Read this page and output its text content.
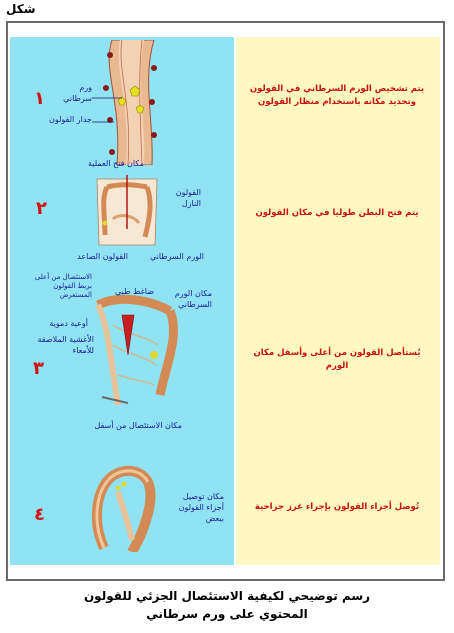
شكل
١
ورم سرطاني
جدار القولون
يتم تشخيص الورم السرطاني في القولون وتحديد مكانه باستخدام منظار القولون
مكان فتح العملية
القولون النازل
٢
الورم السرطاني
القولون الصاعد
يتم فتح البطن طوليا في مكان القولون
الاستئصال من أعلى بربط القولون المستعرض	ضاغط طبي	مكان الورم السرطاني
أوعية دموية
الأغشية الملاصقة للأمعاء
٣
مكان الاستئصال من أسفل
يُستأصل القولون من أعلى وأسفل مكان الورم
مكان توصيل أجزاء القولون ببعض
٤	تُوصل أجزاء القولون بإجراء غرز جراحية
رسم توضيحي لكيفية الاستئصال الجزئي للقولون
المحتوي على ورم سرطاني
